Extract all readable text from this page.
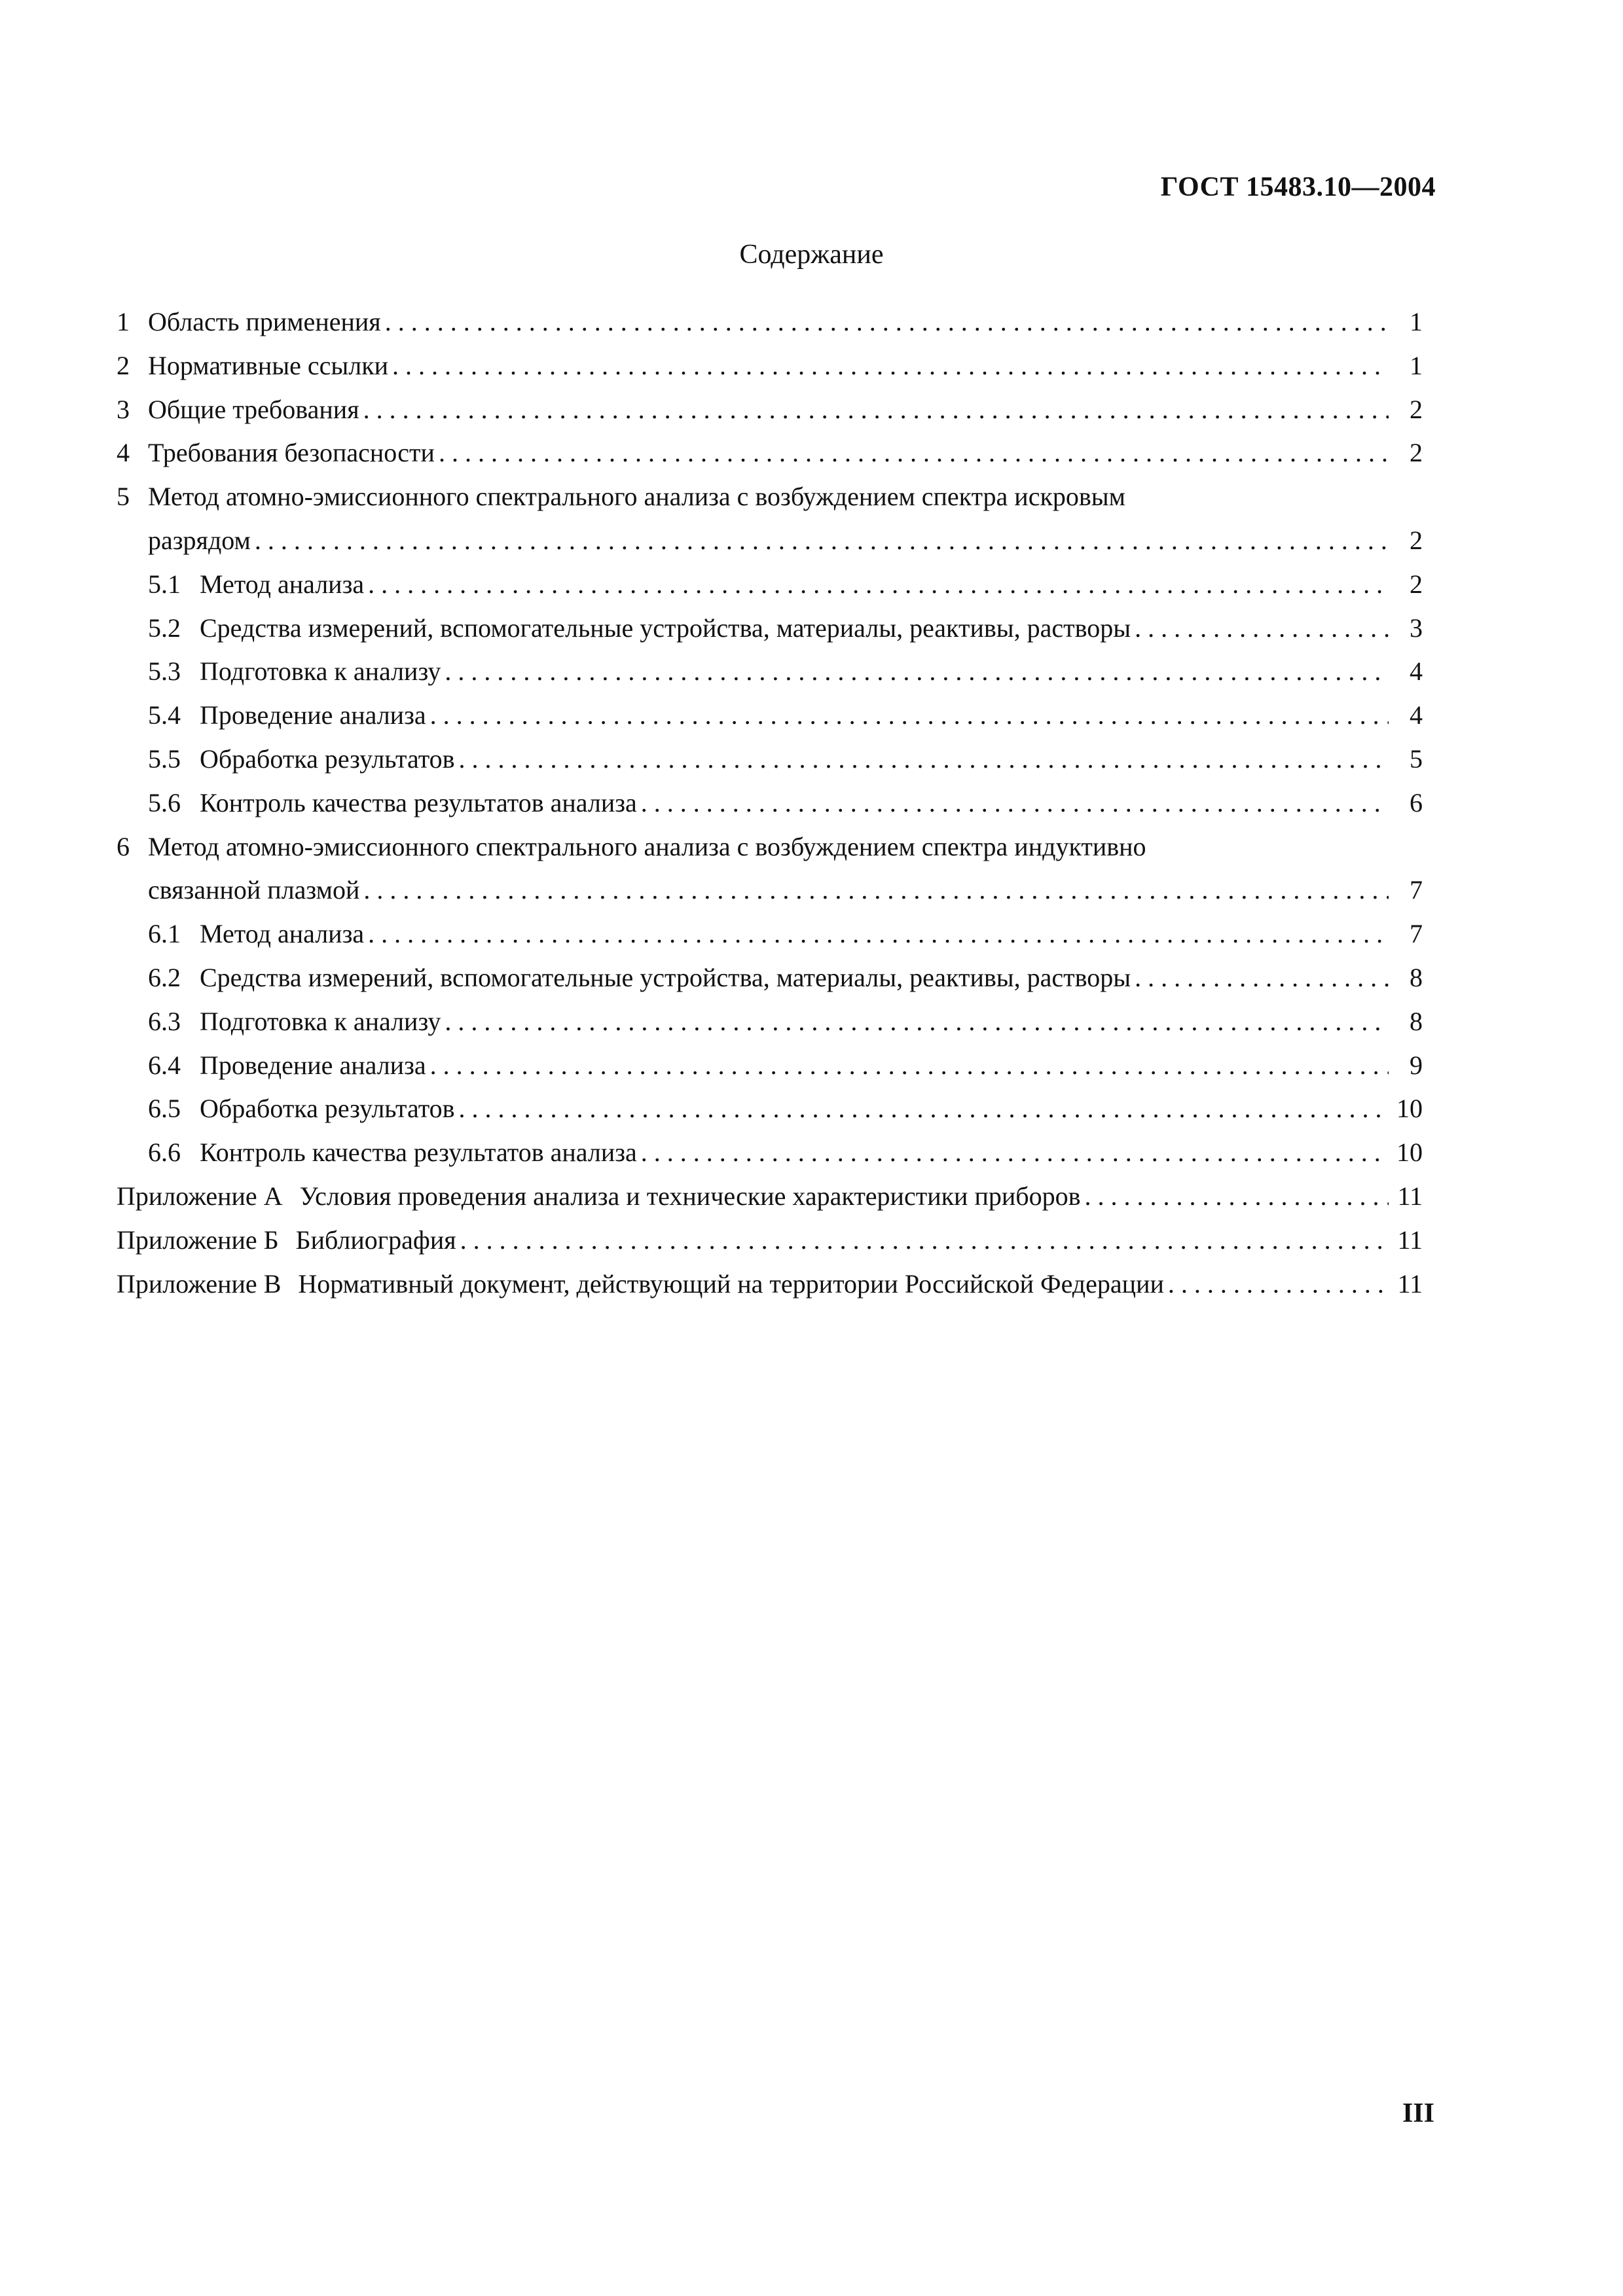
ГОСТ 15483.10—2004
Содержание
1 Область применения . . .	1
2 Нормативные ссылки . . .	1
3 Общие требования . . .	2
4 Требования безопасности . . .	2
5 Метод атомно-эмиссионного спектрального анализа с возбуждением спектра искровым
разрядом . . .	2
5.1 Метод анализа . . .	2
5.2 Средства измерений, вспомогательные устройства, материалы, реактивы, растворы . . .	3
5.3 Подготовка к анализу . . .	4
5.4 Проведение анализа . . .	4
5.5 Обработка результатов . . .	5
5.6 Контроль качества результатов анализа . . .	6
6 Метод атомно-эмиссионного спектрального анализа с возбуждением спектра индуктивно
связанной плазмой . . .	7
6.1 Метод анализа . . .	7
6.2 Средства измерений, вспомогательные устройства, материалы, реактивы, растворы . . .	8
6.3 Подготовка к анализу . . .	8
6.4 Проведение анализа . . .	9
6.5 Обработка результатов . . .	10
6.6 Контроль качества результатов анализа . . .	10
Приложение А Условия проведения анализа и технические характеристики приборов . . .	11
Приложение Б Библиография . . .	11
Приложение В Нормативный документ, действующий на территории Российской Федерации . . .	11
III
